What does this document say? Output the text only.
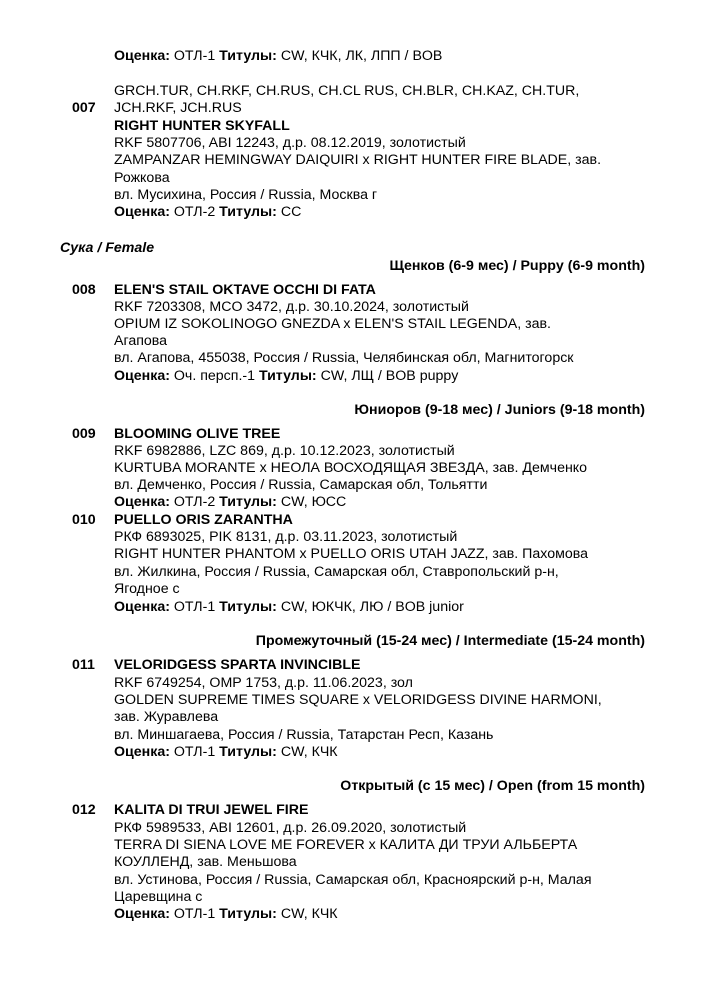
Оценка: ОТЛ-1 Титулы: CW, КЧК, ЛК, ЛПП / BOB
GRCH.TUR, CH.RKF, CH.RUS, CH.CL RUS, CH.BLR, CH.KAZ, CH.TUR,
007 JCH.RKF, JCH.RUS
RIGHT HUNTER SKYFALL
RKF 5807706, ABI 12243, д.р. 08.12.2019, золотистый
ZAMPANZAR HEMINGWAY DAIQUIRI x RIGHT HUNTER FIRE BLADE, зав.
Рожкова
вл. Мусихина, Россия / Russia, Москва г
Оценка: ОТЛ-2 Титулы: CC
Сука / Female
Щенков (6-9 мес) / Puppy (6-9 month)
008 ELEN'S STAIL OKTAVE OCCHI DI FATA
RKF 7203308, MCO 3472, д.р. 30.10.2024, золотистый
OPIUM IZ SOKOLINOGO GNEZDA x ELEN'S STAIL LEGENDA, зав.
Агапова
вл. Агапова, 455038, Россия / Russia, Челябинская обл, Магнитогорск
Оценка: Оч. персп.-1 Титулы: CW, ЛЩ / BOB puppy
Юниоров (9-18 мес) / Juniors (9-18 month)
009 BLOOMING OLIVE TREE
RKF 6982886, LZC 869, д.р. 10.12.2023, золотистый
KURTUBA MORANTE x НЕОЛА ВОСХОДЯЩАЯ ЗВЕЗДА, зав. Демченко
вл. Демченко, Россия / Russia, Самарская обл, Тольятти
Оценка: ОТЛ-2 Титулы: CW, ЮСС
010 PUELLO ORIS ZARANTHA
РКФ 6893025, PIK 8131, д.р. 03.11.2023, золотистый
RIGHT HUNTER PHANTOM x PUELLO ORIS UTAH JAZZ, зав. Пахомова
вл. Жилкина, Россия / Russia, Самарская обл, Ставропольский р-н,
Ягодное с
Оценка: ОТЛ-1 Титулы: CW, ЮКЧК, ЛЮ / BOB junior
Промежуточный (15-24 мес) / Intermediate (15-24 month)
011 VELORIDGESS SPARTA INVINCIBLE
RKF 6749254, OMP 1753, д.р. 11.06.2023, зол
GOLDEN SUPREME TIMES SQUARE x VELORIDGESS DIVINE HARMONI,
зав. Журавлева
вл. Миншагаева, Россия / Russia, Татарстан Респ, Казань
Оценка: ОТЛ-1 Титулы: CW, КЧК
Открытый (с 15 мес) / Open (from 15 month)
012 KALITA DI TRUI JEWEL FIRE
РКФ 5989533, ABI 12601, д.р. 26.09.2020, золотистый
TERRA DI SIENA LOVE ME FOREVER x КАЛИТА ДИ ТРУИ АЛЬБЕРТА
КОУЛЛЕНД, зав. Меньшова
вл. Устинова, Россия / Russia, Самарская обл, Красноярский р-н, Малая
Царевщина с
Оценка: ОТЛ-1 Титулы: CW, КЧК
